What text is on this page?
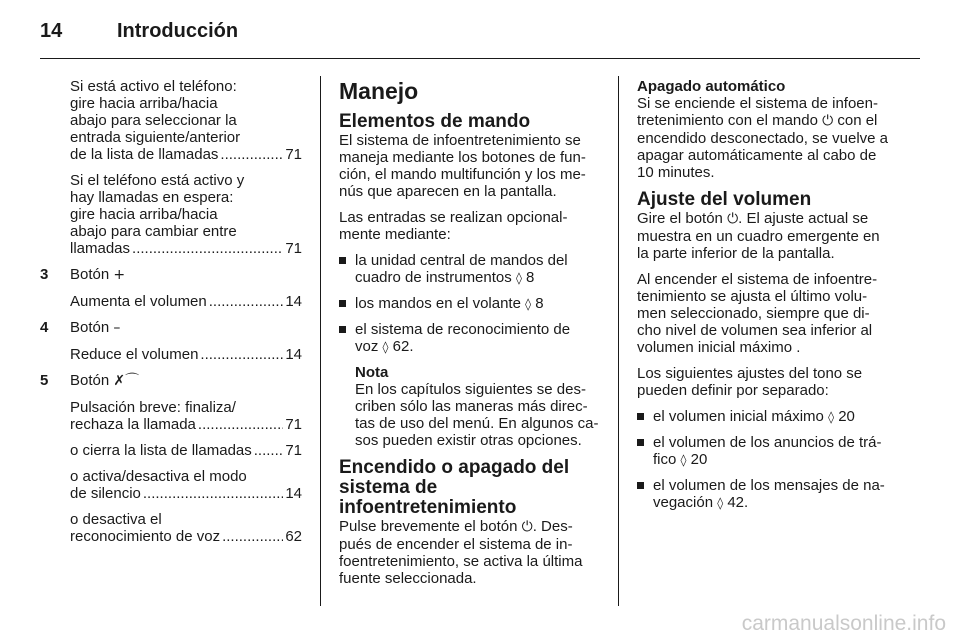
14	Introducción
Si está activo el teléfono:
gire hacia arriba/hacia
abajo para seleccionar la
entrada siguiente/anterior
de la lista de llamadas .....	71
Si el teléfono está activo y
hay llamadas en espera:
gire hacia arriba/hacia
abajo para cambiar entre
llamadas .....	71
3	Botón +
Aumenta el volumen .....	14
4	Botón –
Reduce el volumen .....	14
5	Botón ✗⌒
Pulsación breve: finaliza/
rechaza la llamada .....	71
o cierra la lista de llamadas ..... 71
o activa/desactiva el modo
de silencio .....	14
o desactiva el
reconocimiento de voz .....	62
Manejo
Elementos de mando
El sistema de infoentretenimiento se
maneja mediante los botones de fun-
ción, el mando multifunción y los me-
nús que aparecen en la pantalla.
Las entradas se realizan opcional-
mente mediante:
la unidad central de mandos del
cuadro de instrumentos ◊ 8
los mandos en el volante ◊ 8
el sistema de reconocimiento de
voz ◊ 62.
Nota
En los capítulos siguientes se des-
criben sólo las maneras más direc-
tas de uso del menú. En algunos ca-
sos pueden existir otras opciones.
Encendido o apagado del
sistema de infoentretenimiento
Pulse brevemente el botón ⏻. Des-
pués de encender el sistema de in-
foentretenimiento, se activa la última
fuente seleccionada.
Apagado automático
Si se enciende el sistema de infoen-
tretenimiento con el mando ⏻ con el
encendido desconectado, se vuelve a
apagar automáticamente al cabo de
10 minutes.
Ajuste del volumen
Gire el botón ⏻. El ajuste actual se
muestra en un cuadro emergente en
la parte inferior de la pantalla.
Al encender el sistema de infoentre-
tenimiento se ajusta el último volu-
men seleccionado, siempre que di-
cho nivel de volumen sea inferior al
volumen inicial máximo .
Los siguientes ajustes del tono se
pueden definir por separado:
el volumen inicial máximo ◊ 20
el volumen de los anuncios de trá-
fico ◊ 20
el volumen de los mensajes de na-
vegación ◊ 42.
carmanualsonline.info
